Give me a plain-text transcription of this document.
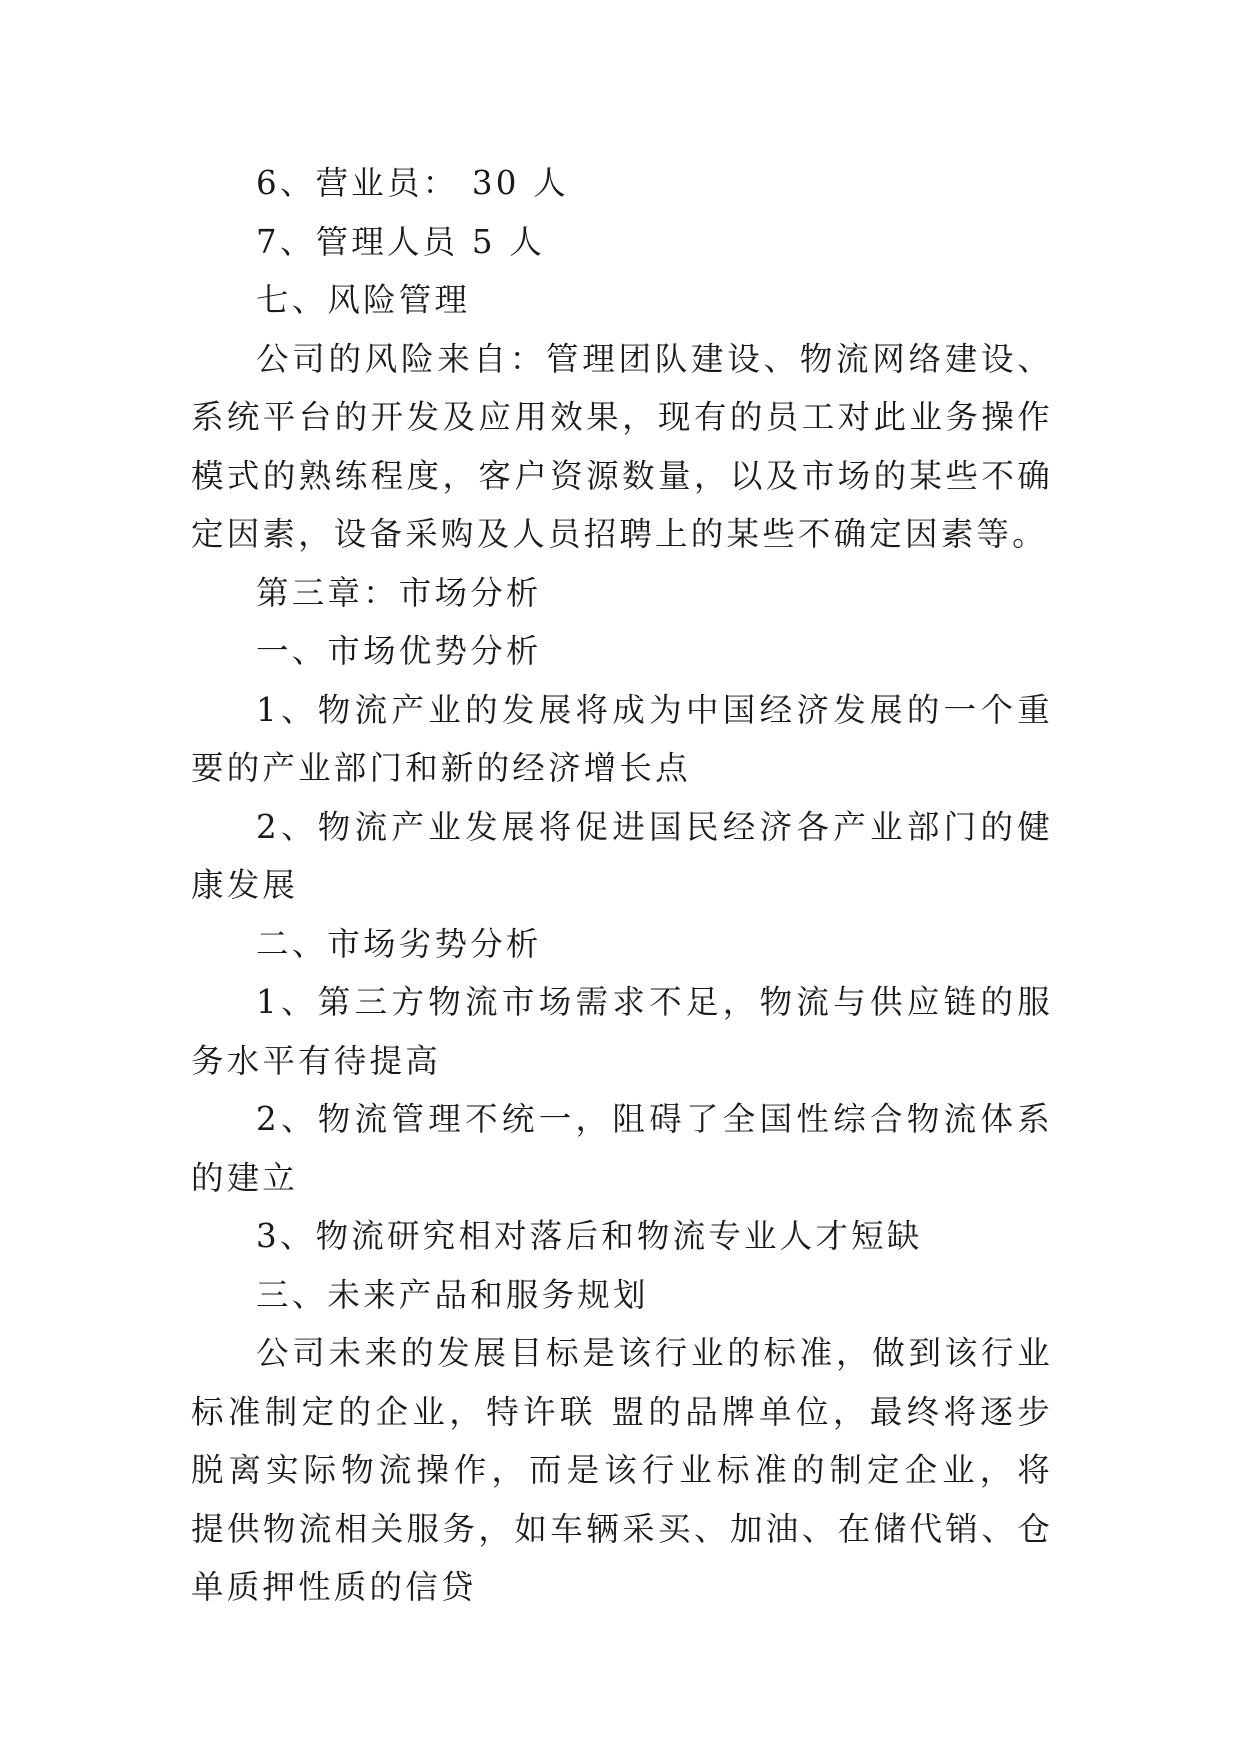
6、营业员： 30 人

7、管理人员 5 人

七、风险管理

公司的风险来自：管理团队建设、物流网络建设、系统平台的开发及应用效果，现有的员工对此业务操作模式的熟练程度，客户资源数量，以及市场的某些不确定因素，设备采购及人员招聘上的某些不确定因素等。

第三章：市场分析

一、市场优势分析

1、物流产业的发展将成为中国经济发展的一个重要的产业部门和新的经济增长点

2、物流产业发展将促进国民经济各产业部门的健康发展

二、市场劣势分析

1、第三方物流市场需求不足，物流与供应链的服务水平有待提高

2、物流管理不统一，阻碍了全国性综合物流体系的建立

3、物流研究相对落后和物流专业人才短缺

三、未来产品和服务规划

公司未来的发展目标是该行业的标准，做到该行业标准制定的企业，特许联 盟的品牌单位，最终将逐步脱离实际物流操作，而是该行业标准的制定企业，将 提供物流相关服务，如车辆采买、加油、在储代销、仓单质押性质的信贷
